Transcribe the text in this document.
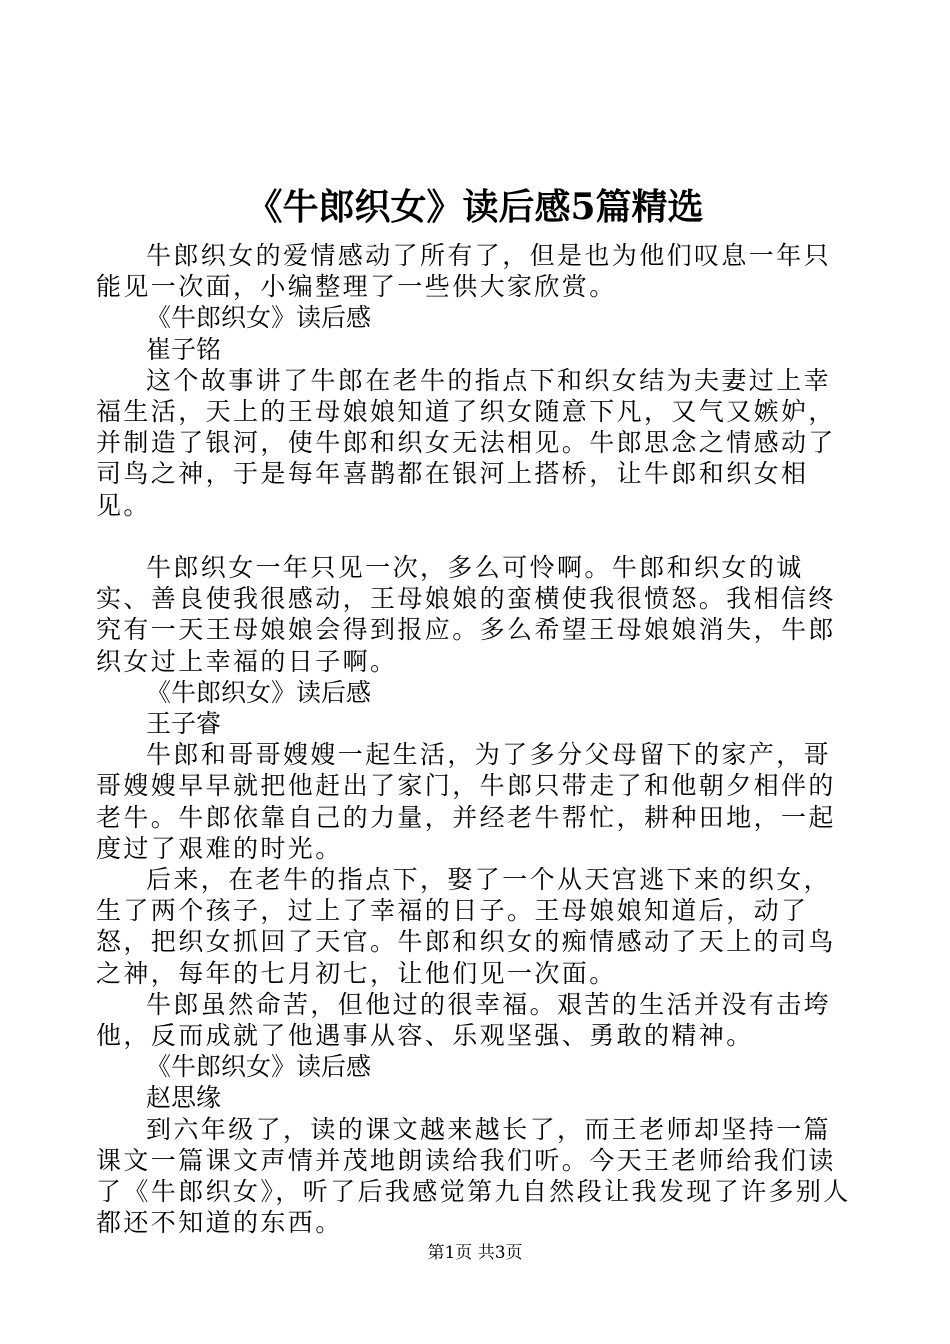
《牛郎织女》读后感5篇精选

牛郎织女的爱情感动了所有了，但是也为他们叹息一年只能见一次面，小编整理了一些供大家欣赏。

《牛郎织女》读后感

崔子铭

这个故事讲了牛郎在老牛的指点下和织女结为夫妻过上幸福生活，天上的王母娘娘知道了织女随意下凡，又气又嫉妒，并制造了银河，使牛郎和织女无法相见。牛郎思念之情感动了司鸟之神，于是每年喜鹊都在银河上搭桥，让牛郎和织女相见。

牛郎织女一年只见一次，多么可怜啊。牛郎和织女的诚实、善良使我很感动，王母娘娘的蛮横使我很愤怒。我相信终究有一天王母娘娘会得到报应。多么希望王母娘娘消失，牛郎织女过上幸福的日子啊。

《牛郎织女》读后感

王子睿

牛郎和哥哥嫂嫂一起生活，为了多分父母留下的家产，哥哥嫂嫂早早就把他赶出了家门，牛郎只带走了和他朝夕相伴的老牛。牛郎依靠自己的力量，并经老牛帮忙，耕种田地，一起度过了艰难的时光。

后来，在老牛的指点下，娶了一个从天宫逃下来的织女，生了两个孩子，过上了幸福的日子。王母娘娘知道后，动了怒，把织女抓回了天官。牛郎和织女的痴情感动了天上的司鸟之神，每年的七月初七，让他们见一次面。

牛郎虽然命苦，但他过的很幸福。艰苦的生活并没有击垮他，反而成就了他遇事从容、乐观坚强、勇敢的精神。

《牛郎织女》读后感

赵思缘

到六年级了，读的课文越来越长了，而王老师却坚持一篇课文一篇课文声情并茂地朗读给我们听。今天王老师给我们读了《牛郎织女》，听了后我感觉第九自然段让我发现了许多别人都还不知道的东西。

第1页 共3页
